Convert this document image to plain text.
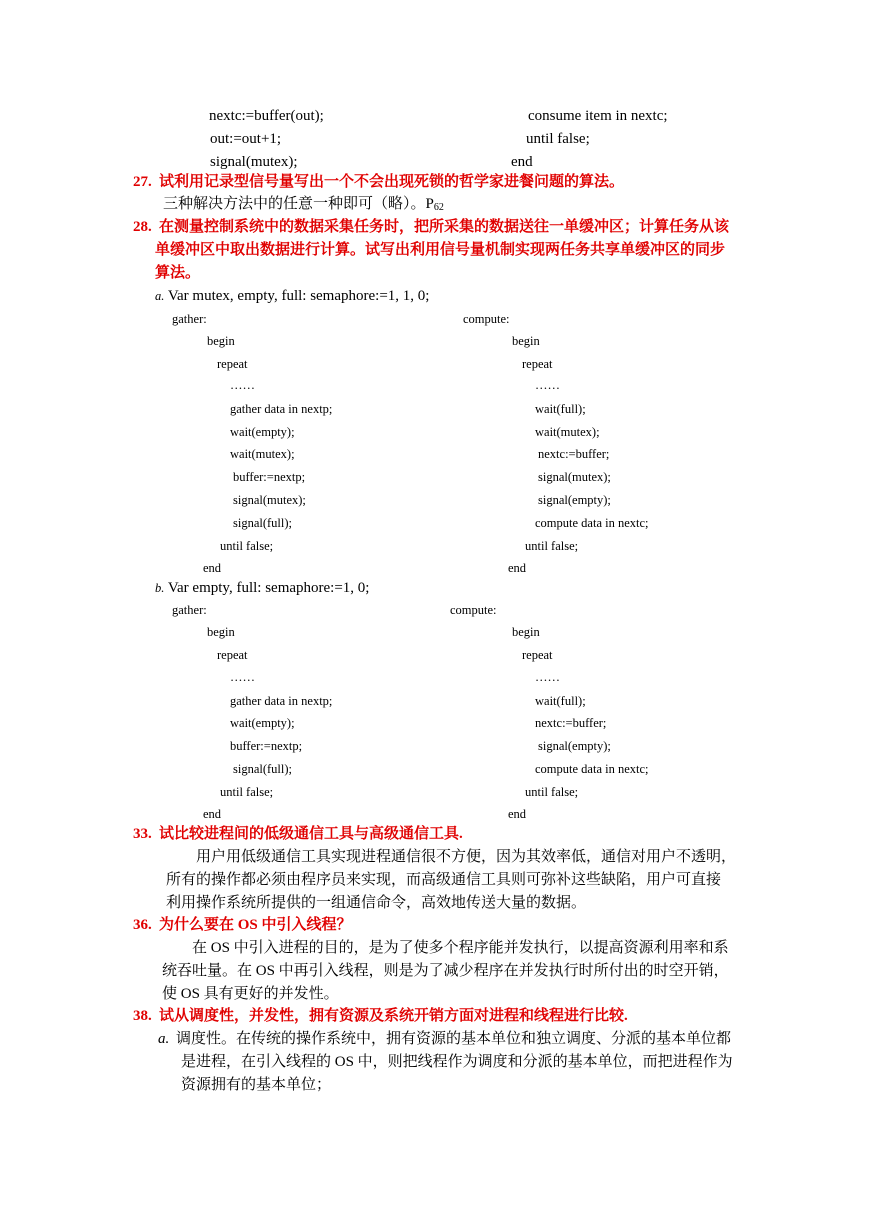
nextc:=buffer(out);
out:=out+1;
signal(mutex);
consume item in nextc;
until false;
end
27. 试利用记录型信号量写出一个不会出现死锁的哲学家进餐问题的算法。
三种解决方法中的任意一种即可（略）。$P_{62}$
28. 在测量控制系统中的数据采集任务时，把所采集的数据送往一单缓冲区；计算任务从该
单缓冲区中取出数据进行计算。试写出利用信号量机制实现两任务共享单缓冲区的同步
算法。
a. Var mutex, empty, full: semaphore:=1, 1, 0;
gather:	compute:
begin
repeat
……
gather data in nextp;
wait(empty);
wait(mutex);
buffer:=nextp;
signal(mutex);
signal(full);
until false;
end
begin
repeat
……
wait(full);
wait(mutex);
nextc:=buffer;
signal(mutex);
signal(empty);
compute data in nextc;
until false;
end
b. Var empty, full: semaphore:=1, 0;
gather:	compute:
begin
repeat
……
gather data in nextp;
wait(empty);
buffer:=nextp;
signal(full);
until false;
end
begin
repeat
……
wait(full);
nextc:=buffer;
signal(empty);
compute data in nextc;
until false;
end
33. 试比较进程间的低级通信工具与高级通信工具.
用户用低级通信工具实现进程通信很不方便，因为其效率低，通信对用户不透明，
所有的操作都必须由程序员来实现，而高级通信工具则可弥补这些缺陷，用户可直接
利用操作系统所提供的一组通信命令，高效地传送大量的数据。
36. 为什么要在 OS 中引入线程？
在 OS 中引入进程的目的，是为了使多个程序能并发执行，以提高资源利用率和系
统吞吐量。在 OS 中再引入线程，则是为了减少程序在并发执行时所付出的时空开销，
使 OS 具有更好的并发性。
38. 试从调度性，并发性，拥有资源及系统开销方面对进程和线程进行比较.
a. 调度性。在传统的操作系统中，拥有资源的基本单位和独立调度、分派的基本单位都
是进程，在引入线程的 OS 中，则把线程作为调度和分派的基本单位，而把进程作为
资源拥有的基本单位；
